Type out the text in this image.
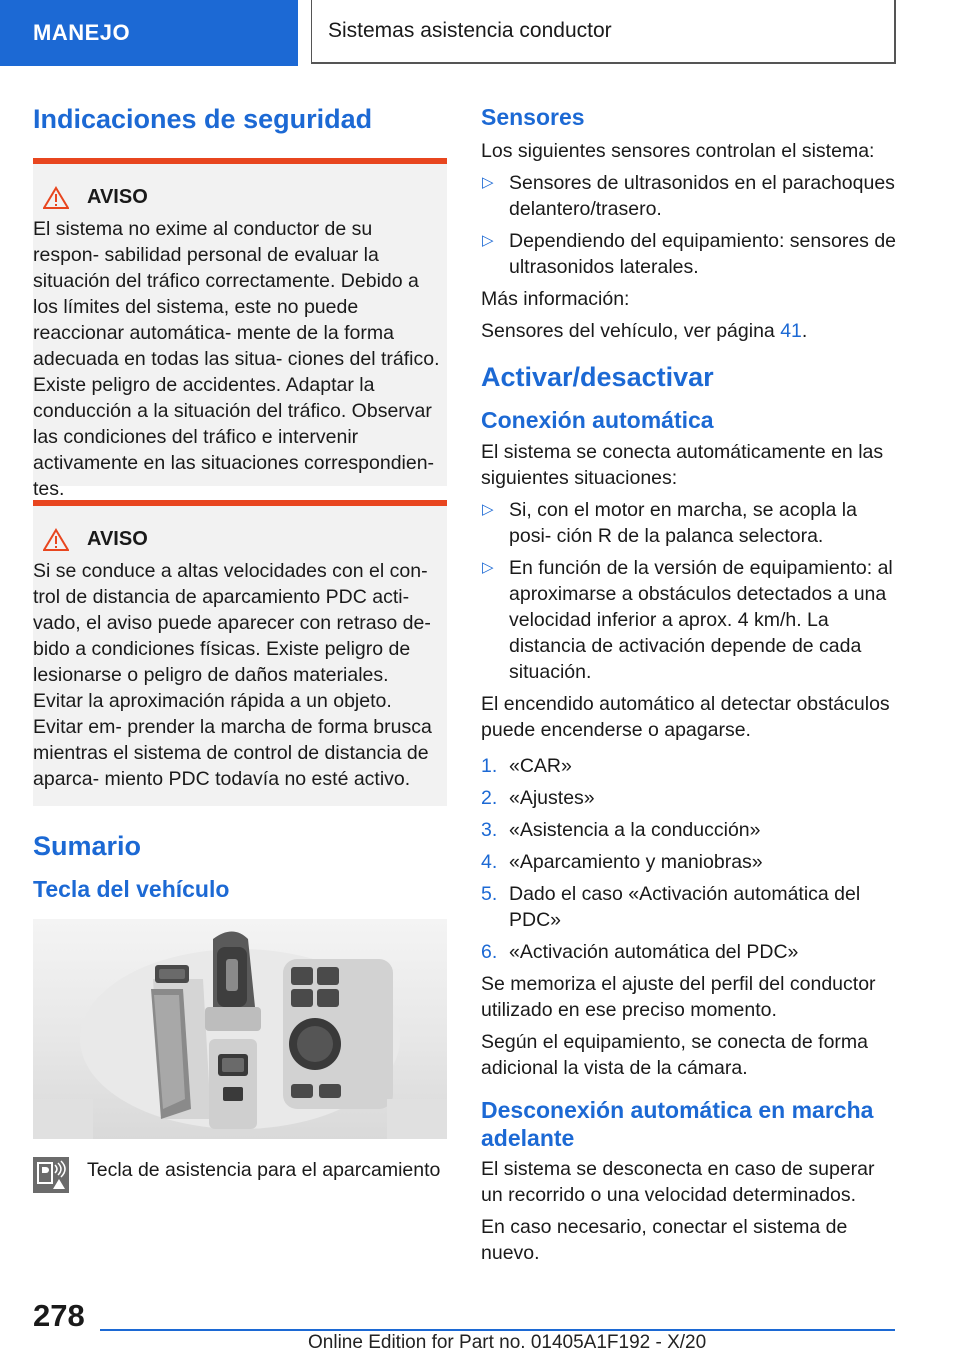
MANEJO	Sistemas asistencia conductor
Indicaciones de seguridad
AVISO

El sistema no exime al conductor de su respon- sabilidad personal de evaluar la situación del tráfico correctamente. Debido a los límites del sistema, este no puede reaccionar automática- mente de la forma adecuada en todas las situa- ciones del tráfico. Existe peligro de accidentes. Adaptar la conducción a la situación del tráfico. Observar las condiciones del tráfico e intervenir activamente en las situaciones correspondien- tes.

AVISO

Si se conduce a altas velocidades con el con- trol de distancia de aparcamiento PDC acti- vado, el aviso puede aparecer con retraso de- bido a condiciones físicas. Existe peligro de lesionarse o peligro de daños materiales. Evitar la aproximación rápida a un objeto. Evitar em- prender la marcha de forma brusca mientras el sistema de control de distancia de aparca- miento PDC todavía no esté activo.

Sumario
Tecla del vehículo

Tecla de asistencia para el aparcamiento

Sensores

Los siguientes sensores controlan el sistema:

▷ Sensores de ultrasonidos en el parachoques delantero/trasero.
▷ Dependiendo del equipamiento: sensores de ultrasonidos laterales.

Más información:

Sensores del vehículo, ver página 41.

Activar/desactivar
Conexión automática

El sistema se conecta automáticamente en las siguientes situaciones:

▷ Si, con el motor en marcha, se acopla la posi- ción R de la palanca selectora.
▷ En función de la versión de equipamiento: al aproximarse a obstáculos detectados a una velocidad inferior a aprox. 4 km/h. La distancia de activación depende de cada situación.

El encendido automático al detectar obstáculos puede encenderse o apagarse.

1. «CAR»
2. «Ajustes»
3. «Asistencia a la conducción»
4. «Aparcamiento y maniobras»
5. Dado el caso «Activación automática del PDC»
6. «Activación automática del PDC»

Se memoriza el ajuste del perfil del conductor utilizado en ese preciso momento.

Según el equipamiento, se conecta de forma adicional la vista de la cámara.

Desconexión automática en marcha adelante

El sistema se desconecta en caso de superar un recorrido o una velocidad determinados.

En caso necesario, conectar el sistema de nuevo.

278
Online Edition for Part no. 01405A1F192 - X/20
